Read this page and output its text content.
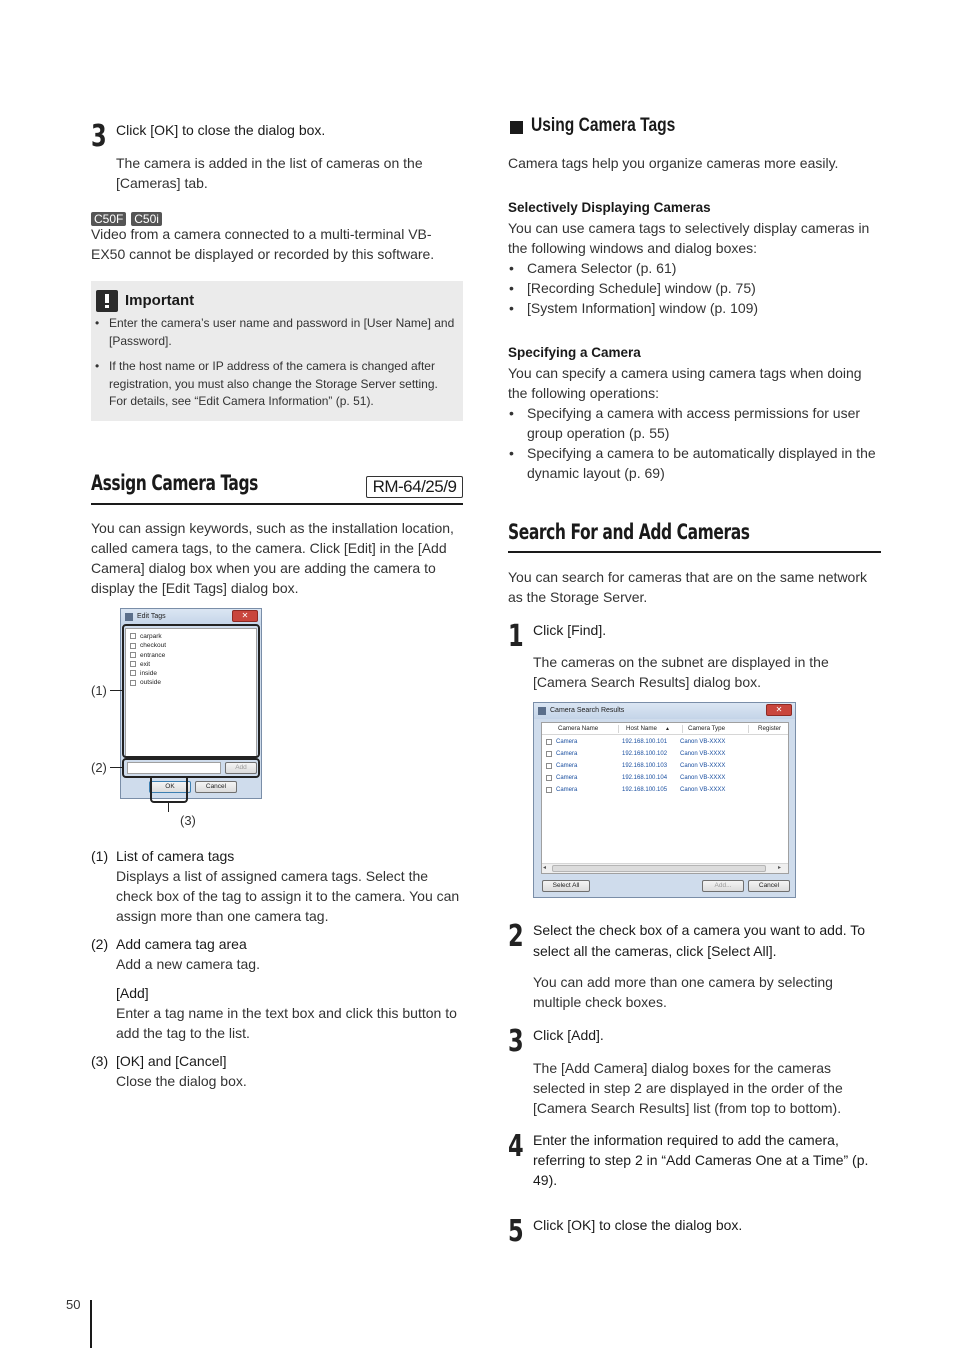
3 Click [OK] to close the dialog box.
The camera is added in the list of cameras on the [Cameras] tab.
C50F C50i
Video from a camera connected to a multi-terminal VB-EX50 cannot be displayed or recorded by this software.
Important
• Enter the camera’s user name and password in [User Name] and [Password].
• If the host name or IP address of the camera is changed after registration, you must also change the Storage Server setting. For details, see “Edit Camera Information” (p. 51).
Assign Camera Tags	RM-64/25/9
You can assign keywords, such as the installation location, called camera tags, to the camera. Click [Edit] in the [Add Camera] dialog box when you are adding the camera to display the [Edit Tags] dialog box.
Edit Tags	✕
carpark
checkout
entrance
exit
inside
outside
Add
OK	Cancel
(1)
(2)
(3)
(1) List of camera tags
Displays a list of assigned camera tags. Select the check box of the tag to assign it to the camera. You can assign more than one camera tag.
(2) Add camera tag area
Add a new camera tag.
[Add]
Enter a tag name in the text box and click this button to add the tag to the list.
(3) [OK] and [Cancel]
Close the dialog box.
50
Using Camera Tags
Camera tags help you organize cameras more easily.
Selectively Displaying Cameras
You can use camera tags to selectively display cameras in the following windows and dialog boxes:
• Camera Selector (p. 61)
• [Recording Schedule] window (p. 75)
• [System Information] window (p. 109)
Specifying a Camera
You can specify a camera using camera tags when doing the following operations:
• Specifying a camera with access permissions for user group operation (p. 55)
• Specifying a camera to be automatically displayed in the dynamic layout (p. 69)
Search For and Add Cameras
You can search for cameras that are on the same network as the Storage Server.
1 Click [Find].
The cameras on the subnet are displayed in the [Camera Search Results] dialog box.
Camera Search Results	✕
Camera Name	Host Name ▲	Camera Type	Register
Camera	192.168.100.101 Canon VB-XXXX
Camera	192.168.100.102 Canon VB-XXXX
Camera	192.168.100.103 Canon VB-XXXX
Camera	192.168.100.104 Canon VB-XXXX
Camera	192.168.100.105 Canon VB-XXXX
◂	▸
Select All	Add...	Cancel
2 Select the check box of a camera you want to add. To select all the cameras, click [Select All].
You can add more than one camera by selecting multiple check boxes.
3 Click [Add].
The [Add Camera] dialog boxes for the cameras selected in step 2 are displayed in the order of the [Camera Search Results] list (from top to bottom).
4 Enter the information required to add the camera, referring to step 2 in “Add Cameras One at a Time” (p. 49).
5 Click [OK] to close the dialog box.
